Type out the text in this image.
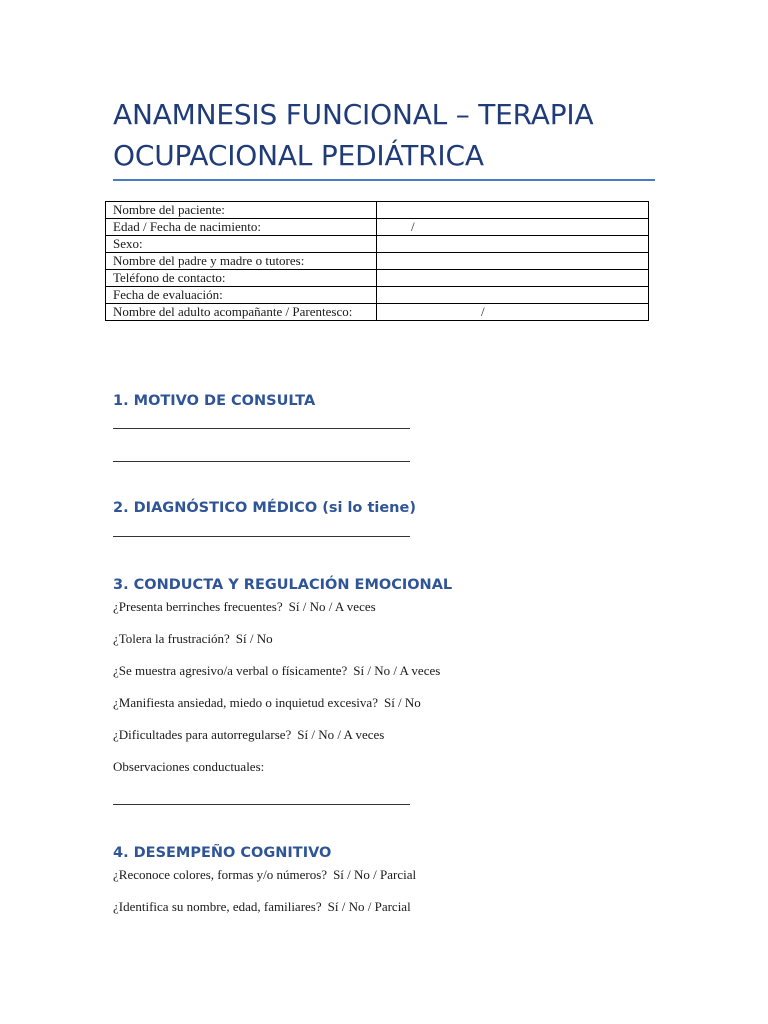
ANAMNESIS FUNCIONAL – TERAPIA OCUPACIONAL PEDIÁTRICA
Nombre del paciente:	
Edad / Fecha de nacimiento:	/

Sexo:	
Nombre del padre y madre o tutores:	
Teléfono de contacto:	
Fecha de evaluación:	
Nombre del adulto acompañante / Parentesco:	/

1. MOTIVO DE CONSULTA
2. DIAGNÓSTICO MÉDICO (si lo tiene)
3. CONDUCTA Y REGULACIÓN EMOCIONAL

¿Presenta berrinches frecuentes? Sí / No / A veces

¿Tolera la frustración? Sí / No

¿Se muestra agresivo/a verbal o físicamente? Sí / No / A veces

¿Manifiesta ansiedad, miedo o inquietud excesiva? Sí / No

¿Dificultades para autorregularse? Sí / No / A veces

Observaciones conductuales:

4. DESEMPEÑO COGNITIVO

¿Reconoce colores, formas y/o números? Sí / No / Parcial

¿Identifica su nombre, edad, familiares? Sí / No / Parcial
